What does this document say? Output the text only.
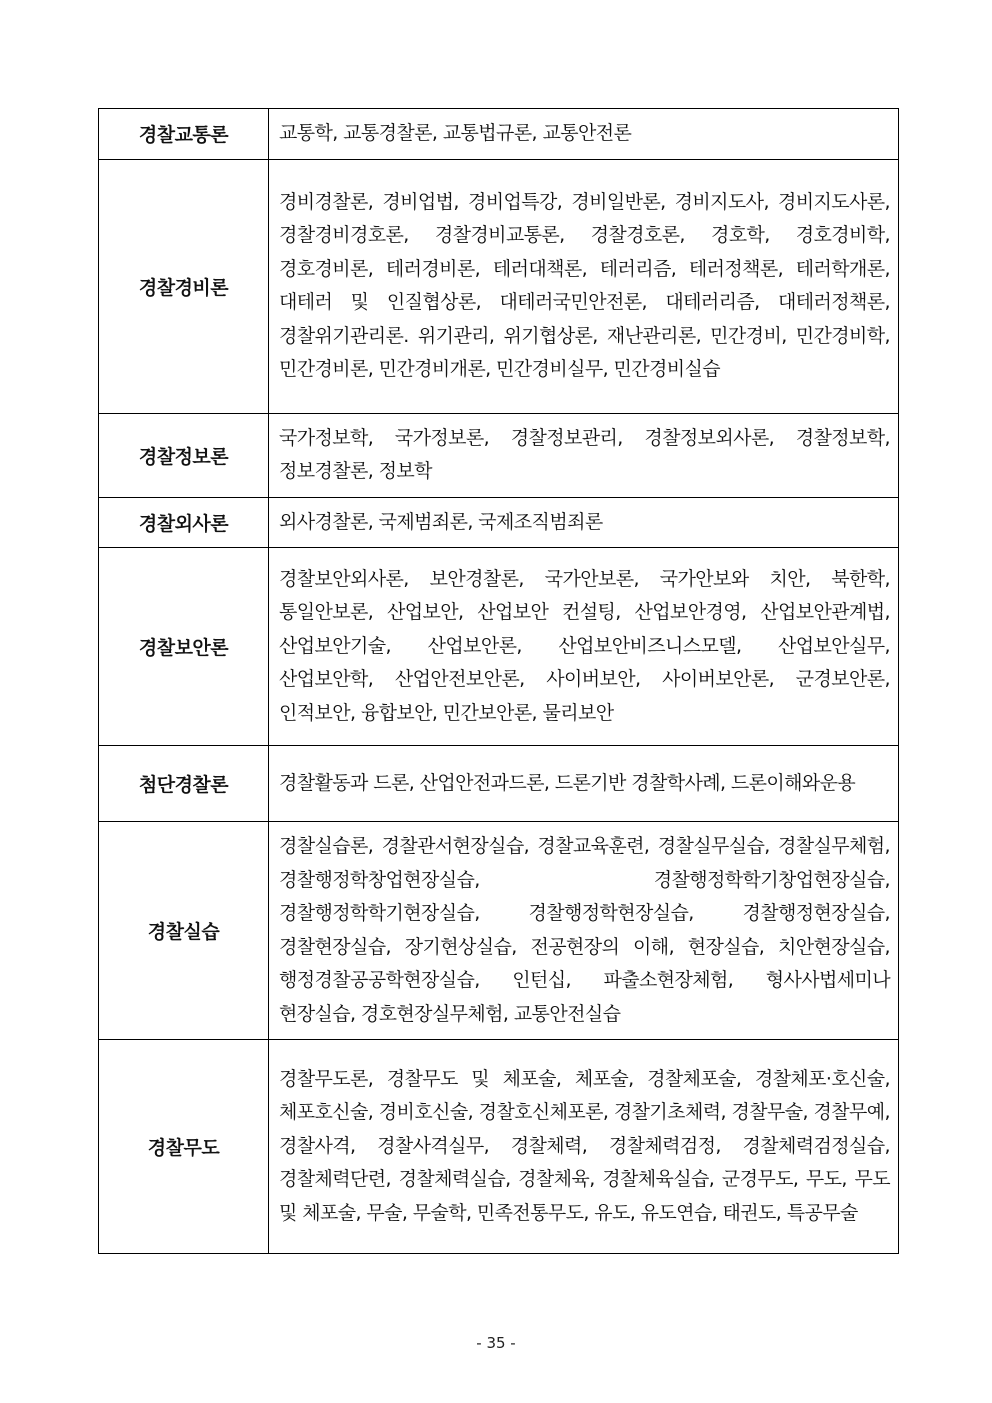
경찰교통론	교통학, 교통경찰론, 교통법규론, 교통안전론
경찰경비론	경비경찰론, 경비업법, 경비업특강, 경비일반론, 경비지도사, 경비지도사론, 경찰경비경호론, 경찰경비교통론, 경찰경호론, 경호학, 경호경비학, 경호경비론, 테러경비론, 테러대책론, 테러리즘, 테러정책론, 테러학개론, 대테러 및 인질협상론, 대테러국민안전론, 대테러리즘, 대테러정책론, 경찰위기관리론. 위기관리, 위기협상론, 재난관리론, 민간경비, 민간경비학, 민간경비론, 민간경비개론, 민간경비실무, 민간경비실습
경찰정보론	국가정보학, 국가정보론, 경찰정보관리, 경찰정보외사론, 경찰정보학, 정보경찰론, 정보학
경찰외사론	외사경찰론, 국제범죄론, 국제조직범죄론
경찰보안론	경찰보안외사론, 보안경찰론, 국가안보론, 국가안보와 치안, 북한학, 통일안보론, 산업보안, 산업보안 컨설팅, 산업보안경영, 산업보안관계법, 산업보안기술, 산업보안론, 산업보안비즈니스모델, 산업보안실무, 산업보안학, 산업안전보안론, 사이버보안, 사이버보안론, 군경보안론, 인적보안, 융합보안, 민간보안론, 물리보안
첨단경찰론	경찰활동과 드론, 산업안전과드론, 드론기반 경찰학사례, 드론이해와운용
경찰실습	경찰실습론, 경찰관서현장실습, 경찰교육훈련, 경찰실무실습, 경찰실무체험, 경찰행정학창업현장실습, 경찰행정학학기창업현장실습, 경찰행정학학기현장실습, 경찰행정학현장실습, 경찰행정현장실습, 경찰현장실습, 장기현상실습, 전공현장의 이해, 현장실습, 치안현장실습, 행정경찰공공학현장실습, 인턴십, 파출소현장체험, 형사사법세미나 현장실습, 경호현장실무체험, 교통안전실습
경찰무도	경찰무도론, 경찰무도 및 체포술, 체포술, 경찰체포술, 경찰체포·호신술, 체포호신술, 경비호신술, 경찰호신체포론, 경찰기초체력, 경찰무술, 경찰무예, 경찰사격, 경찰사격실무, 경찰체력, 경찰체력검정, 경찰체력검정실습, 경찰체력단련, 경찰체력실습, 경찰체육, 경찰체육실습, 군경무도, 무도, 무도 및 체포술, 무술, 무술학, 민족전통무도, 유도, 유도연습, 태권도, 특공무술
- 35 -
